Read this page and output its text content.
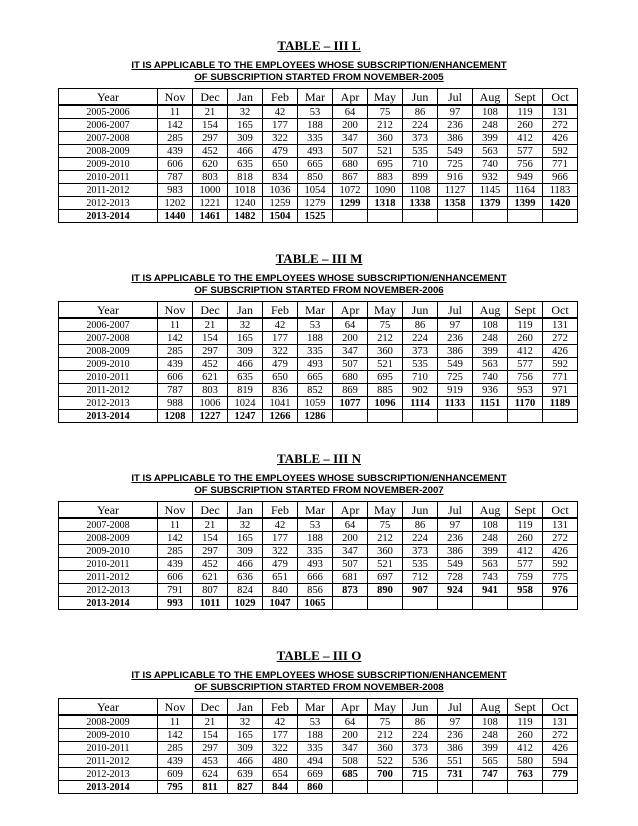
TABLE – III L
IT IS APPLICABLE TO THE EMPLOYEES WHOSE SUBSCRIPTION/ENHANCEMENT
OF SUBSCRIPTION STARTED FROM NOVEMBER-2005
Year	Nov	Dec	Jan	Feb	Mar	Apr	May	Jun	Jul	Aug	Sept	Oct
2005-2006	11	21	32	42	53	64	75	86	97	108	119	131
2006-2007	142	154	165	177	188	200	212	224	236	248	260	272
2007-2008	285	297	309	322	335	347	360	373	386	399	412	426
2008-2009	439	452	466	479	493	507	521	535	549	563	577	592
2009-2010	606	620	635	650	665	680	695	710	725	740	756	771
2010-2011	787	803	818	834	850	867	883	899	916	932	949	966
2011-2012	983	1000	1018	1036	1054	1072	1090	1108	1127	1145	1164	1183
2012-2013	1202	1221	1240	1259	1279	1299	1318	1338	1358	1379	1399	1420
2013-2014	1440	1461	1482	1504	1525							
TABLE – III M
IT IS APPLICABLE TO THE EMPLOYEES WHOSE SUBSCRIPTION/ENHANCEMENT
OF SUBSCRIPTION STARTED FROM NOVEMBER-2006
Year	Nov	Dec	Jan	Feb	Mar	Apr	May	Jun	Jul	Aug	Sept	Oct
2006-2007	11	21	32	42	53	64	75	86	97	108	119	131
2007-2008	142	154	165	177	188	200	212	224	236	248	260	272
2008-2009	285	297	309	322	335	347	360	373	386	399	412	426
2009-2010	439	452	466	479	493	507	521	535	549	563	577	592
2010-2011	606	621	635	650	665	680	695	710	725	740	756	771
2011-2012	787	803	819	836	852	869	885	902	919	936	953	971
2012-2013	988	1006	1024	1041	1059	1077	1096	1114	1133	1151	1170	1189
2013-2014	1208	1227	1247	1266	1286							
TABLE – III N
IT IS APPLICABLE TO THE EMPLOYEES WHOSE SUBSCRIPTION/ENHANCEMENT
OF SUBSCRIPTION STARTED FROM NOVEMBER-2007
Year	Nov	Dec	Jan	Feb	Mar	Apr	May	Jun	Jul	Aug	Sept	Oct
2007-2008	11	21	32	42	53	64	75	86	97	108	119	131
2008-2009	142	154	165	177	188	200	212	224	236	248	260	272
2009-2010	285	297	309	322	335	347	360	373	386	399	412	426
2010-2011	439	452	466	479	493	507	521	535	549	563	577	592
2011-2012	606	621	636	651	666	681	697	712	728	743	759	775
2012-2013	791	807	824	840	856	873	890	907	924	941	958	976
2013-2014	993	1011	1029	1047	1065							
TABLE – III O
IT IS APPLICABLE TO THE EMPLOYEES WHOSE SUBSCRIPTION/ENHANCEMENT
OF SUBSCRIPTION STARTED FROM NOVEMBER-2008
Year	Nov	Dec	Jan	Feb	Mar	Apr	May	Jun	Jul	Aug	Sept	Oct
2008-2009	11	21	32	42	53	64	75	86	97	108	119	131
2009-2010	142	154	165	177	188	200	212	224	236	248	260	272
2010-2011	285	297	309	322	335	347	360	373	386	399	412	426
2011-2012	439	453	466	480	494	508	522	536	551	565	580	594
2012-2013	609	624	639	654	669	685	700	715	731	747	763	779
2013-2014	795	811	827	844	860							
